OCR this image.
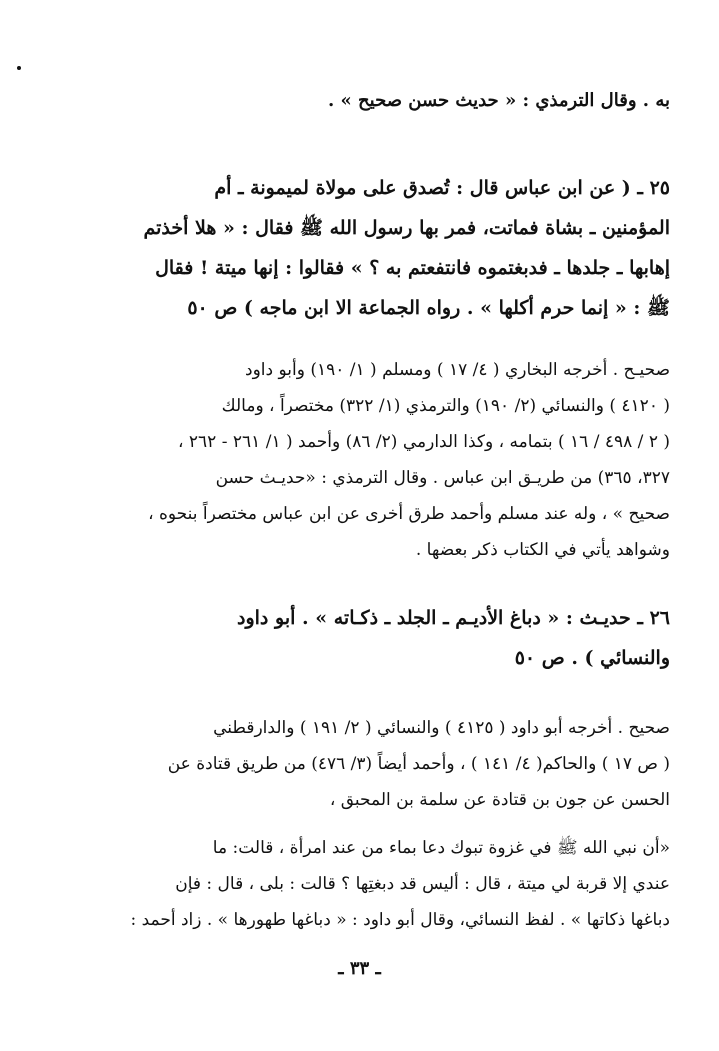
به . وقال الترمذي : « حديث حسن صحيح » .
٢٥ ـ ( عن ابن عباس قال : تُصدق على مولاة لميمونة ـ أم
المؤمنين ـ بشاة فماتت، فمر بها رسول الله ﷺ فقال : « هلا أخذتم
إهابها ـ جلدها ـ فدبغتموه فانتفعتم به ؟ » فقالوا : إنها ميتة ! فقال
ﷺ : « إنما حرم أكلها » . رواه الجماعة الا ابن ماجه ) ص ٥٠
صحيـح . أخرجه البخاري ( ٤/ ١٧ ) ومسلم ( ١/ ١٩٠) وأبو داود
( ٤١٢٠ ) والنسائي (٢/ ١٩٠) والترمذي (١/ ٣٢٢) مختصراً ، ومالك
( ٢ / ٤٩٨ / ١٦ ) بتمامه ، وكذا الدارمي (٢/ ٨٦) وأحمد ( ١/ ٢٦١ - ٢٦٢ ،
٣٢٧، ٣٦٥) من طريـق ابن عباس . وقال الترمذي : «حديـث حسن
صحيح » ، وله عند مسلم وأحمد طرق أخرى عن ابن عباس مختصراً بنحوه ،
وشواهد يأتي في الكتاب ذكر بعضها .
٢٦ ـ حديـث : « دباغ الأديـم ـ الجلد ـ ذكـاته » . أبو داود
والنسائي ) . ص ٥٠
صحيح . أخرجه أبو داود ( ٤١٢٥ ) والنسائي ( ٢/ ١٩١ ) والدارقطني
( ص ١٧ ) والحاكم( ٤/ ١٤١ ) ، وأحمد أيضاً (٣/ ٤٧٦) من طريق قتادة عن
الحسن عن جون بن قتادة عن سلمة بن المحبق ،
«أن نبي الله ﷺ في غزوة تبوك دعا بماء من عند امرأة ، قالت: ما
عندي إلا قربة لي ميتة ، قال : أليس قد دبغتِها ؟ قالت : بلى ، قال : فإن
دباغها ذكاتها » . لفظ النسائي، وقال أبو داود : « دباغها طهورها » . زاد أحمد :
ـ ٣٣ ـ
